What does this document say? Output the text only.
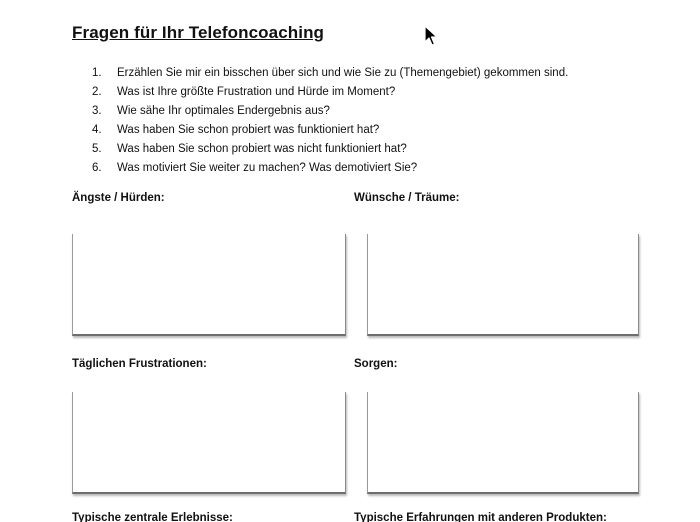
Fragen für Ihr Telefoncoaching
1. Erzählen Sie mir ein bisschen über sich und wie Sie zu (Themengebiet) gekommen sind.
2. Was ist Ihre größte Frustration und Hürde im Moment?
3. Wie sähe Ihr optimales Endergebnis aus?
4. Was haben Sie schon probiert was funktioniert hat?
5. Was haben Sie schon probiert was nicht funktioniert hat?
6. Was motiviert Sie weiter zu machen? Was demotiviert Sie?
Ängste / Hürden:	Wünsche / Träume:
Täglichen Frustrationen:	Sorgen:
Typische zentrale Erlebnisse:	Typische Erfahrungen mit anderen Produkten:
